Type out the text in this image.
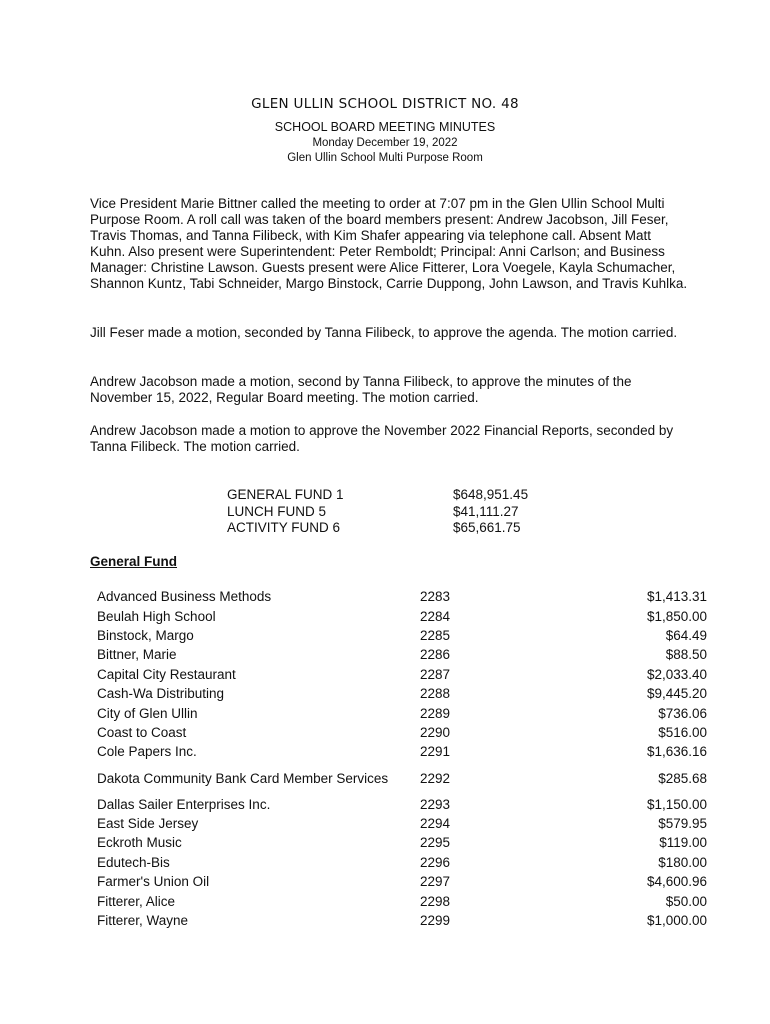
GLEN ULLIN SCHOOL DISTRICT NO. 48
SCHOOL BOARD MEETING MINUTES
Monday December 19, 2022
Glen Ullin School Multi Purpose Room

Vice President Marie Bittner called the meeting to order at 7:07 pm in the Glen Ullin School Multi Purpose Room. A roll call was taken of the board members present: Andrew Jacobson, Jill Feser, Travis Thomas, and Tanna Filibeck, with Kim Shafer appearing via telephone call. Absent Matt Kuhn. Also present were Superintendent: Peter Remboldt; Principal: Anni Carlson; and Business Manager: Christine Lawson. Guests present were Alice Fitterer, Lora Voegele, Kayla Schumacher, Shannon Kuntz, Tabi Schneider, Margo Binstock, Carrie Duppong, John Lawson, and Travis Kuhlka.

Jill Feser made a motion, seconded by Tanna Filibeck, to approve the agenda. The motion carried.

Andrew Jacobson made a motion, second by Tanna Filibeck, to approve the minutes of the November 15, 2022, Regular Board meeting. The motion carried.

Andrew Jacobson made a motion to approve the November 2022 Financial Reports, seconded by Tanna Filibeck. The motion carried.

GENERAL FUND 1	$648,951.45
LUNCH FUND 5	$41,111.27
ACTIVITY FUND 6	$65,661.75
General Fund
Advanced Business Methods	2283	$1,413.31
Beulah High School	2284	$1,850.00
Binstock, Margo	2285	$64.49
Bittner, Marie	2286	$88.50
Capital City Restaurant	2287	$2,033.40
Cash-Wa Distributing	2288	$9,445.20
City of Glen Ullin	2289	$736.06
Coast to Coast	2290	$516.00
Cole Papers Inc.	2291	$1,636.16
Dakota Community Bank Card Member Services	2292	$285.68
Dallas Sailer Enterprises Inc.	2293	$1,150.00
East Side Jersey	2294	$579.95
Eckroth Music	2295	$119.00
Edutech-Bis	2296	$180.00
Farmer's Union Oil	2297	$4,600.96
Fitterer, Alice	2298	$50.00
Fitterer, Wayne	2299	$1,000.00
